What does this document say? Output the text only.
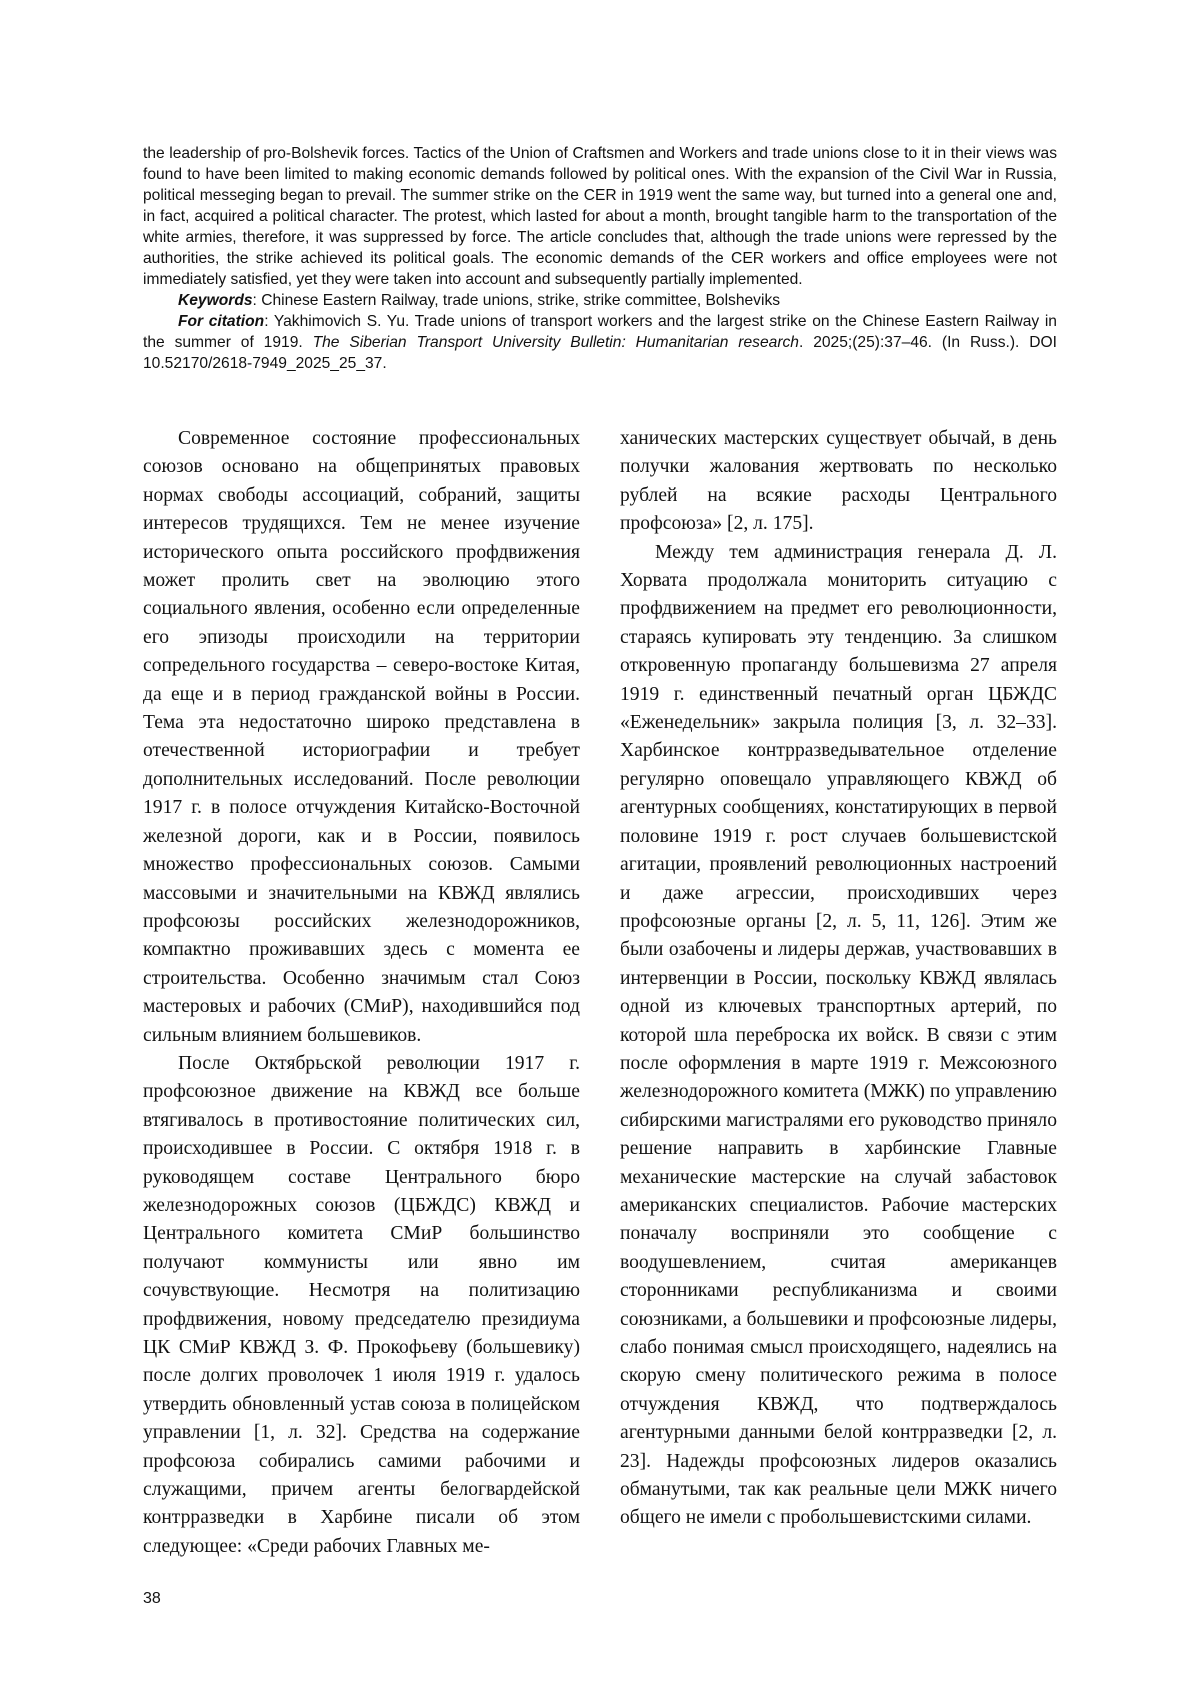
the leadership of pro-Bolshevik forces. Tactics of the Union of Craftsmen and Workers and trade unions close to it in their views was found to have been limited to making economic demands followed by political ones. With the expansion of the Civil War in Russia, political messeging began to prevail. The summer strike on the CER in 1919 went the same way, but turned into a general one and, in fact, acquired a political character. The protest, which lasted for about a month, brought tangible harm to the transportation of the white armies, therefore, it was suppressed by force. The article concludes that, although the trade unions were repressed by the authorities, the strike achieved its political goals. The economic demands of the CER workers and office employees were not immediately satisfied, yet they were taken into account and subsequently partially implemented.

Keywords: Chinese Eastern Railway, trade unions, strike, strike committee, Bolsheviks

For citation: Yakhimovich S. Yu. Trade unions of transport workers and the largest strike on the Chinese Eastern Railway in the summer of 1919. The Siberian Transport University Bulletin: Humanitarian research. 2025;(25):37–46. (In Russ.). DOI 10.52170/2618-7949_2025_25_37.

Современное состояние профессиональных союзов основано на общепринятых правовых нормах свободы ассоциаций, собраний, защиты интересов трудящихся. Тем не менее изучение исторического опыта российского профдвижения может пролить свет на эволюцию этого социального явления, особенно если определенные его эпизоды происходили на территории сопредельного государства – северо-востоке Китая, да еще и в период гражданской войны в России. Тема эта недостаточно широко представлена в отечественной историографии и требует дополнительных исследований. После революции 1917 г. в полосе отчуждения Китайско-Восточной железной дороги, как и в России, появилось множество профессиональных союзов. Самыми массовыми и значительными на КВЖД являлись профсоюзы российских железнодорожников, компактно проживавших здесь с момента ее строительства. Особенно значимым стал Союз мастеровых и рабочих (СМиР), находившийся под сильным влиянием большевиков.

После Октябрьской революции 1917 г. профсоюзное движение на КВЖД все больше втягивалось в противостояние политических сил, происходившее в России. С октября 1918 г. в руководящем составе Центрального бюро железнодорожных союзов (ЦБЖДС) КВЖД и Центрального комитета СМиР большинство получают коммунисты или явно им сочувствующие. Несмотря на политизацию профдвижения, новому председателю президиума ЦК СМиР КВЖД З. Ф. Прокофьеву (большевику) после долгих проволочек 1 июля 1919 г. удалось утвердить обновленный устав союза в полицейском управлении [1, л. 32]. Средства на содержание профсоюза собирались самими рабочими и служащими, причем агенты белогвардейской контрразведки в Харбине писали об этом следующее: «Среди рабочих Главных ме-

ханических мастерских существует обычай, в день получки жалования жертвовать по несколько рублей на всякие расходы Центрального профсоюза» [2, л. 175].

Между тем администрация генерала Д. Л. Хорвата продолжала мониторить ситуацию с профдвижением на предмет его революционности, стараясь купировать эту тенденцию. За слишком откровенную пропаганду большевизма 27 апреля 1919 г. единственный печатный орган ЦБЖДС «Еженедельник» закрыла полиция [3, л. 32–33]. Харбинское контрразведывательное отделение регулярно оповещало управляющего КВЖД об агентурных сообщениях, констатирующих в первой половине 1919 г. рост случаев большевистской агитации, проявлений революционных настроений и даже агрессии, происходивших через профсоюзные органы [2, л. 5, 11, 126]. Этим же были озабочены и лидеры держав, участвовавших в интервенции в России, поскольку КВЖД являлась одной из ключевых транспортных артерий, по которой шла переброска их войск. В связи с этим после оформления в марте 1919 г. Межсоюзного железнодорожного комитета (МЖК) по управлению сибирскими магистралями его руководство приняло решение направить в харбинские Главные механические мастерские на случай забастовок американских специалистов. Рабочие мастерских поначалу восприняли это сообщение с воодушевлением, считая американцев сторонниками республиканизма и своими союзниками, а большевики и профсоюзные лидеры, слабо понимая смысл происходящего, надеялись на скорую смену политического режима в полосе отчуждения КВЖД, что подтверждалось агентурными данными белой контрразведки [2, л. 23]. Надежды профсоюзных лидеров оказались обманутыми, так как реальные цели МЖК ничего общего не имели с пробольшевистскими силами.

38
